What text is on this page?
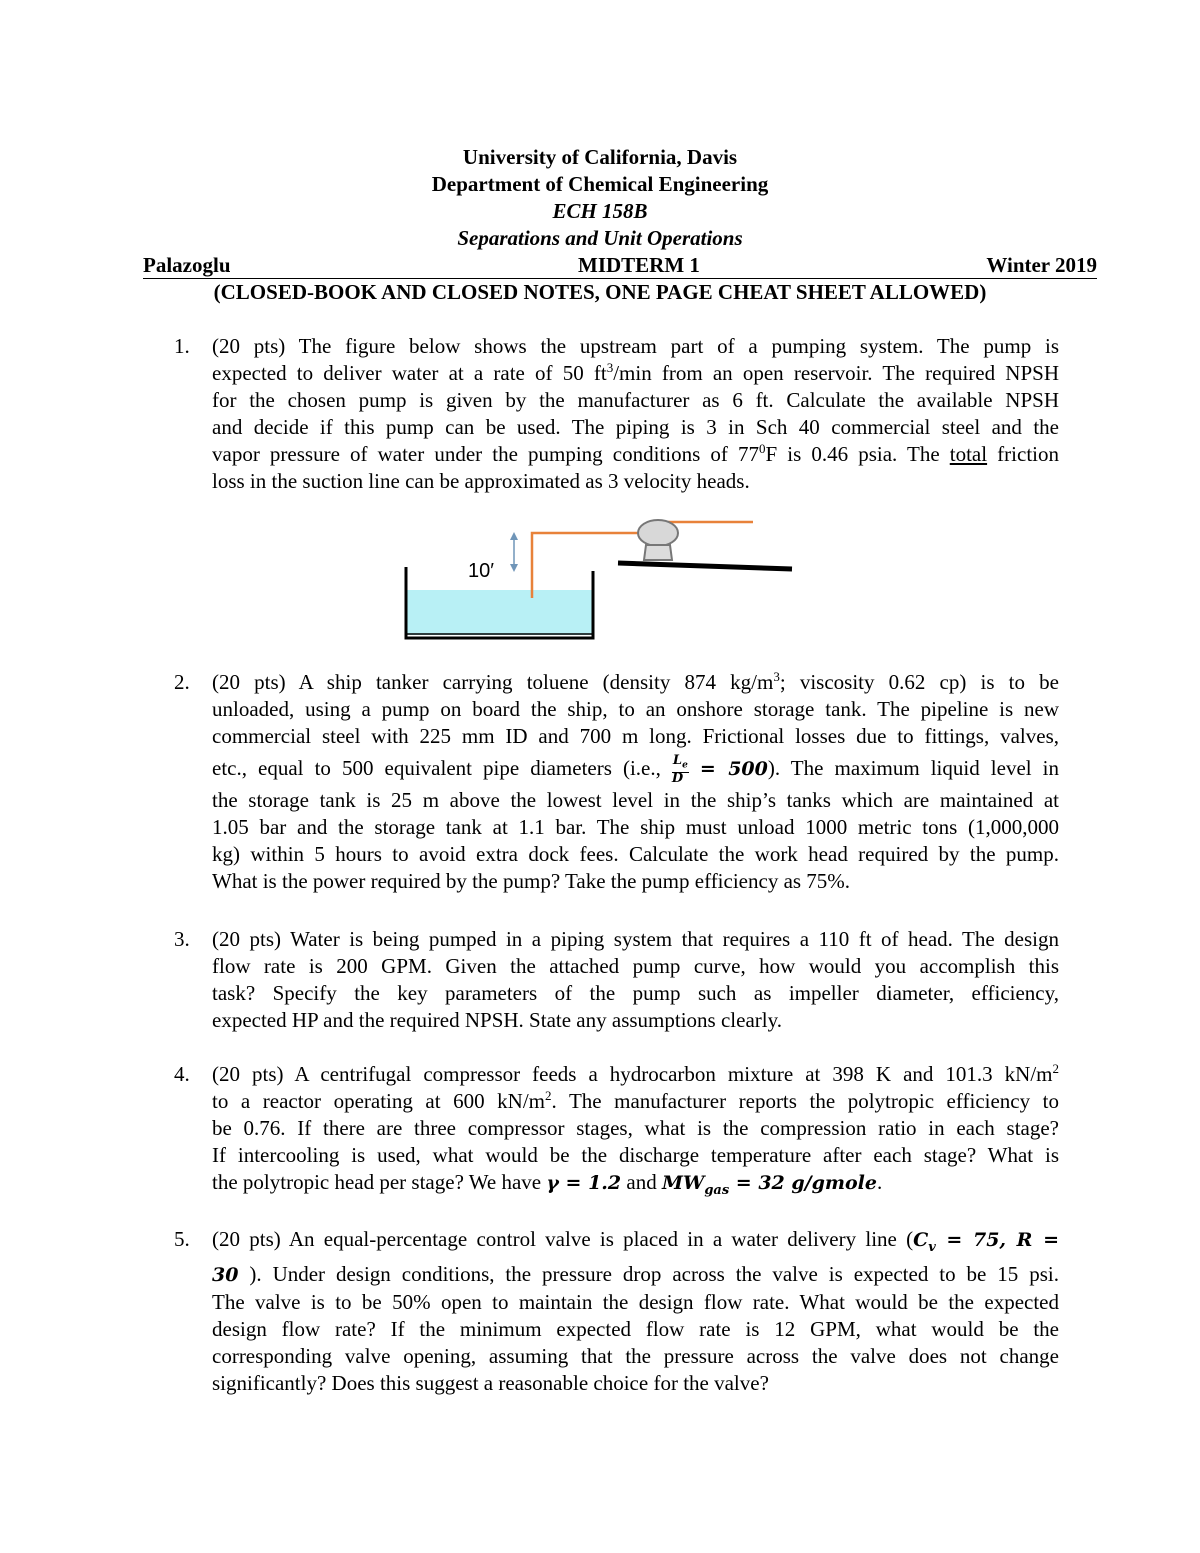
University of California, Davis
Department of Chemical Engineering
ECH 158B
Separations and Unit Operations
Palazoglu	MIDTERM 1	Winter 2019
(CLOSED-BOOK AND CLOSED NOTES, ONE PAGE CHEAT SHEET ALLOWED)
1. (20 pts) The figure below shows the upstream part of a pumping system. The pump is
expected to deliver water at a rate of 50 $ft^3/\min$ from an open reservoir. The required NPSH
for the chosen pump is given by the manufacturer as 6 ft. Calculate the available NPSH
and decide if this pump can be used. The piping is 3 in Sch 40 commercial steel and the
vapor pressure of water under the pumping conditions of $77^0F$ is 0.46 psia. The total friction
loss in the suction line can be approximated as 3 velocity heads.
10′
2. (20 pts) A ship tanker carrying toluene (density 874 $kg/m^3$; viscosity 0.62 cp) is to be
unloaded, using a pump on board the ship, to an onshore storage tank. The pipeline is new
commercial steel with 225 mm ID and 700 m long. Frictional losses due to fittings, valves,
etc., equal to 500 equivalent pipe diameters (i.e., $\frac{L_e}{D} = 500$). The maximum liquid level in
the storage tank is 25 m above the lowest level in the ship’s tanks which are maintained at
1.05 bar and the storage tank at 1.1 bar. The ship must unload 1000 metric tons (1,000,000
kg) within 5 hours to avoid extra dock fees. Calculate the work head required by the pump.
What is the power required by the pump? Take the pump efficiency as 75%.
3. (20 pts) Water is being pumped in a piping system that requires a 110 ft of head. The design
flow rate is 200 GPM. Given the attached pump curve, how would you accomplish this
task? Specify the key parameters of the pump such as impeller diameter, efficiency,
expected HP and the required NPSH. State any assumptions clearly.
4. (20 pts) A centrifugal compressor feeds a hydrocarbon mixture at 398 K and 101.3 $kN/m^2$
to a reactor operating at 600 $kN/m^2$. The manufacturer reports the polytropic efficiency to
be 0.76. If there are three compressor stages, what is the compression ratio in each stage?
If intercooling is used, what would be the discharge temperature after each stage? What is
the polytropic head per stage? We have γ = 1.2 and $MW_{gas} = 32$ g/gmole.
5. (20 pts) An equal-percentage control valve is placed in a water delivery line ($C_v = 75$, R =
30 ). Under design conditions, the pressure drop across the valve is expected to be 15 psi.
The valve is to be 50% open to maintain the design flow rate. What would be the expected
design flow rate? If the minimum expected flow rate is 12 GPM, what would be the
corresponding valve opening, assuming that the pressure across the valve does not change
significantly? Does this suggest a reasonable choice for the valve?
